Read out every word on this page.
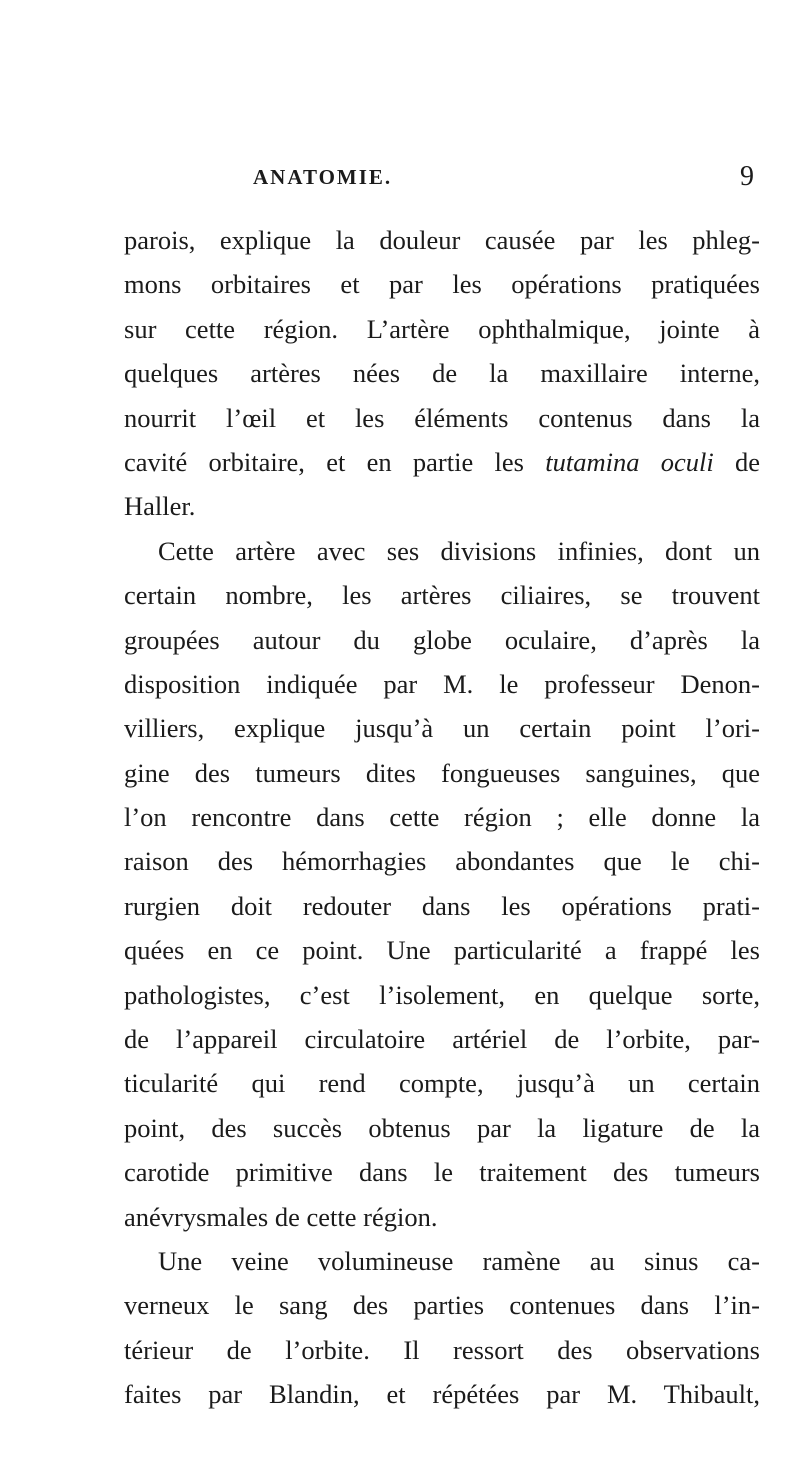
ANATOMIE.	9
parois, explique la douleur causée par les phleg-
mons orbitaires et par les opérations pratiquées
sur cette région. L’artère ophthalmique, jointe à
quelques artères nées de la maxillaire interne,
nourrit l’œil et les éléments contenus dans la
cavité orbitaire, et en partie les tutamina oculi de
Haller.
Cette artère avec ses divisions infinies, dont un
certain nombre, les artères ciliaires, se trouvent
groupées autour du globe oculaire, d’après la
disposition indiquée par M. le professeur Denon-
villiers, explique jusqu’à un certain point l’ori-
gine des tumeurs dites fongueuses sanguines, que
l’on rencontre dans cette région ; elle donne la
raison des hémorrhagies abondantes que le chi-
rurgien doit redouter dans les opérations prati-
quées en ce point. Une particularité a frappé les
pathologistes, c’est l’isolement, en quelque sorte,
de l’appareil circulatoire artériel de l’orbite, par-
ticularité qui rend compte, jusqu’à un certain
point, des succès obtenus par la ligature de la
carotide primitive dans le traitement des tumeurs
anévrysmales de cette région.
Une veine volumineuse ramène au sinus ca-
verneux le sang des parties contenues dans l’in-
térieur de l’orbite. Il ressort des observations
faites par Blandin, et répétées par M. Thibault,
